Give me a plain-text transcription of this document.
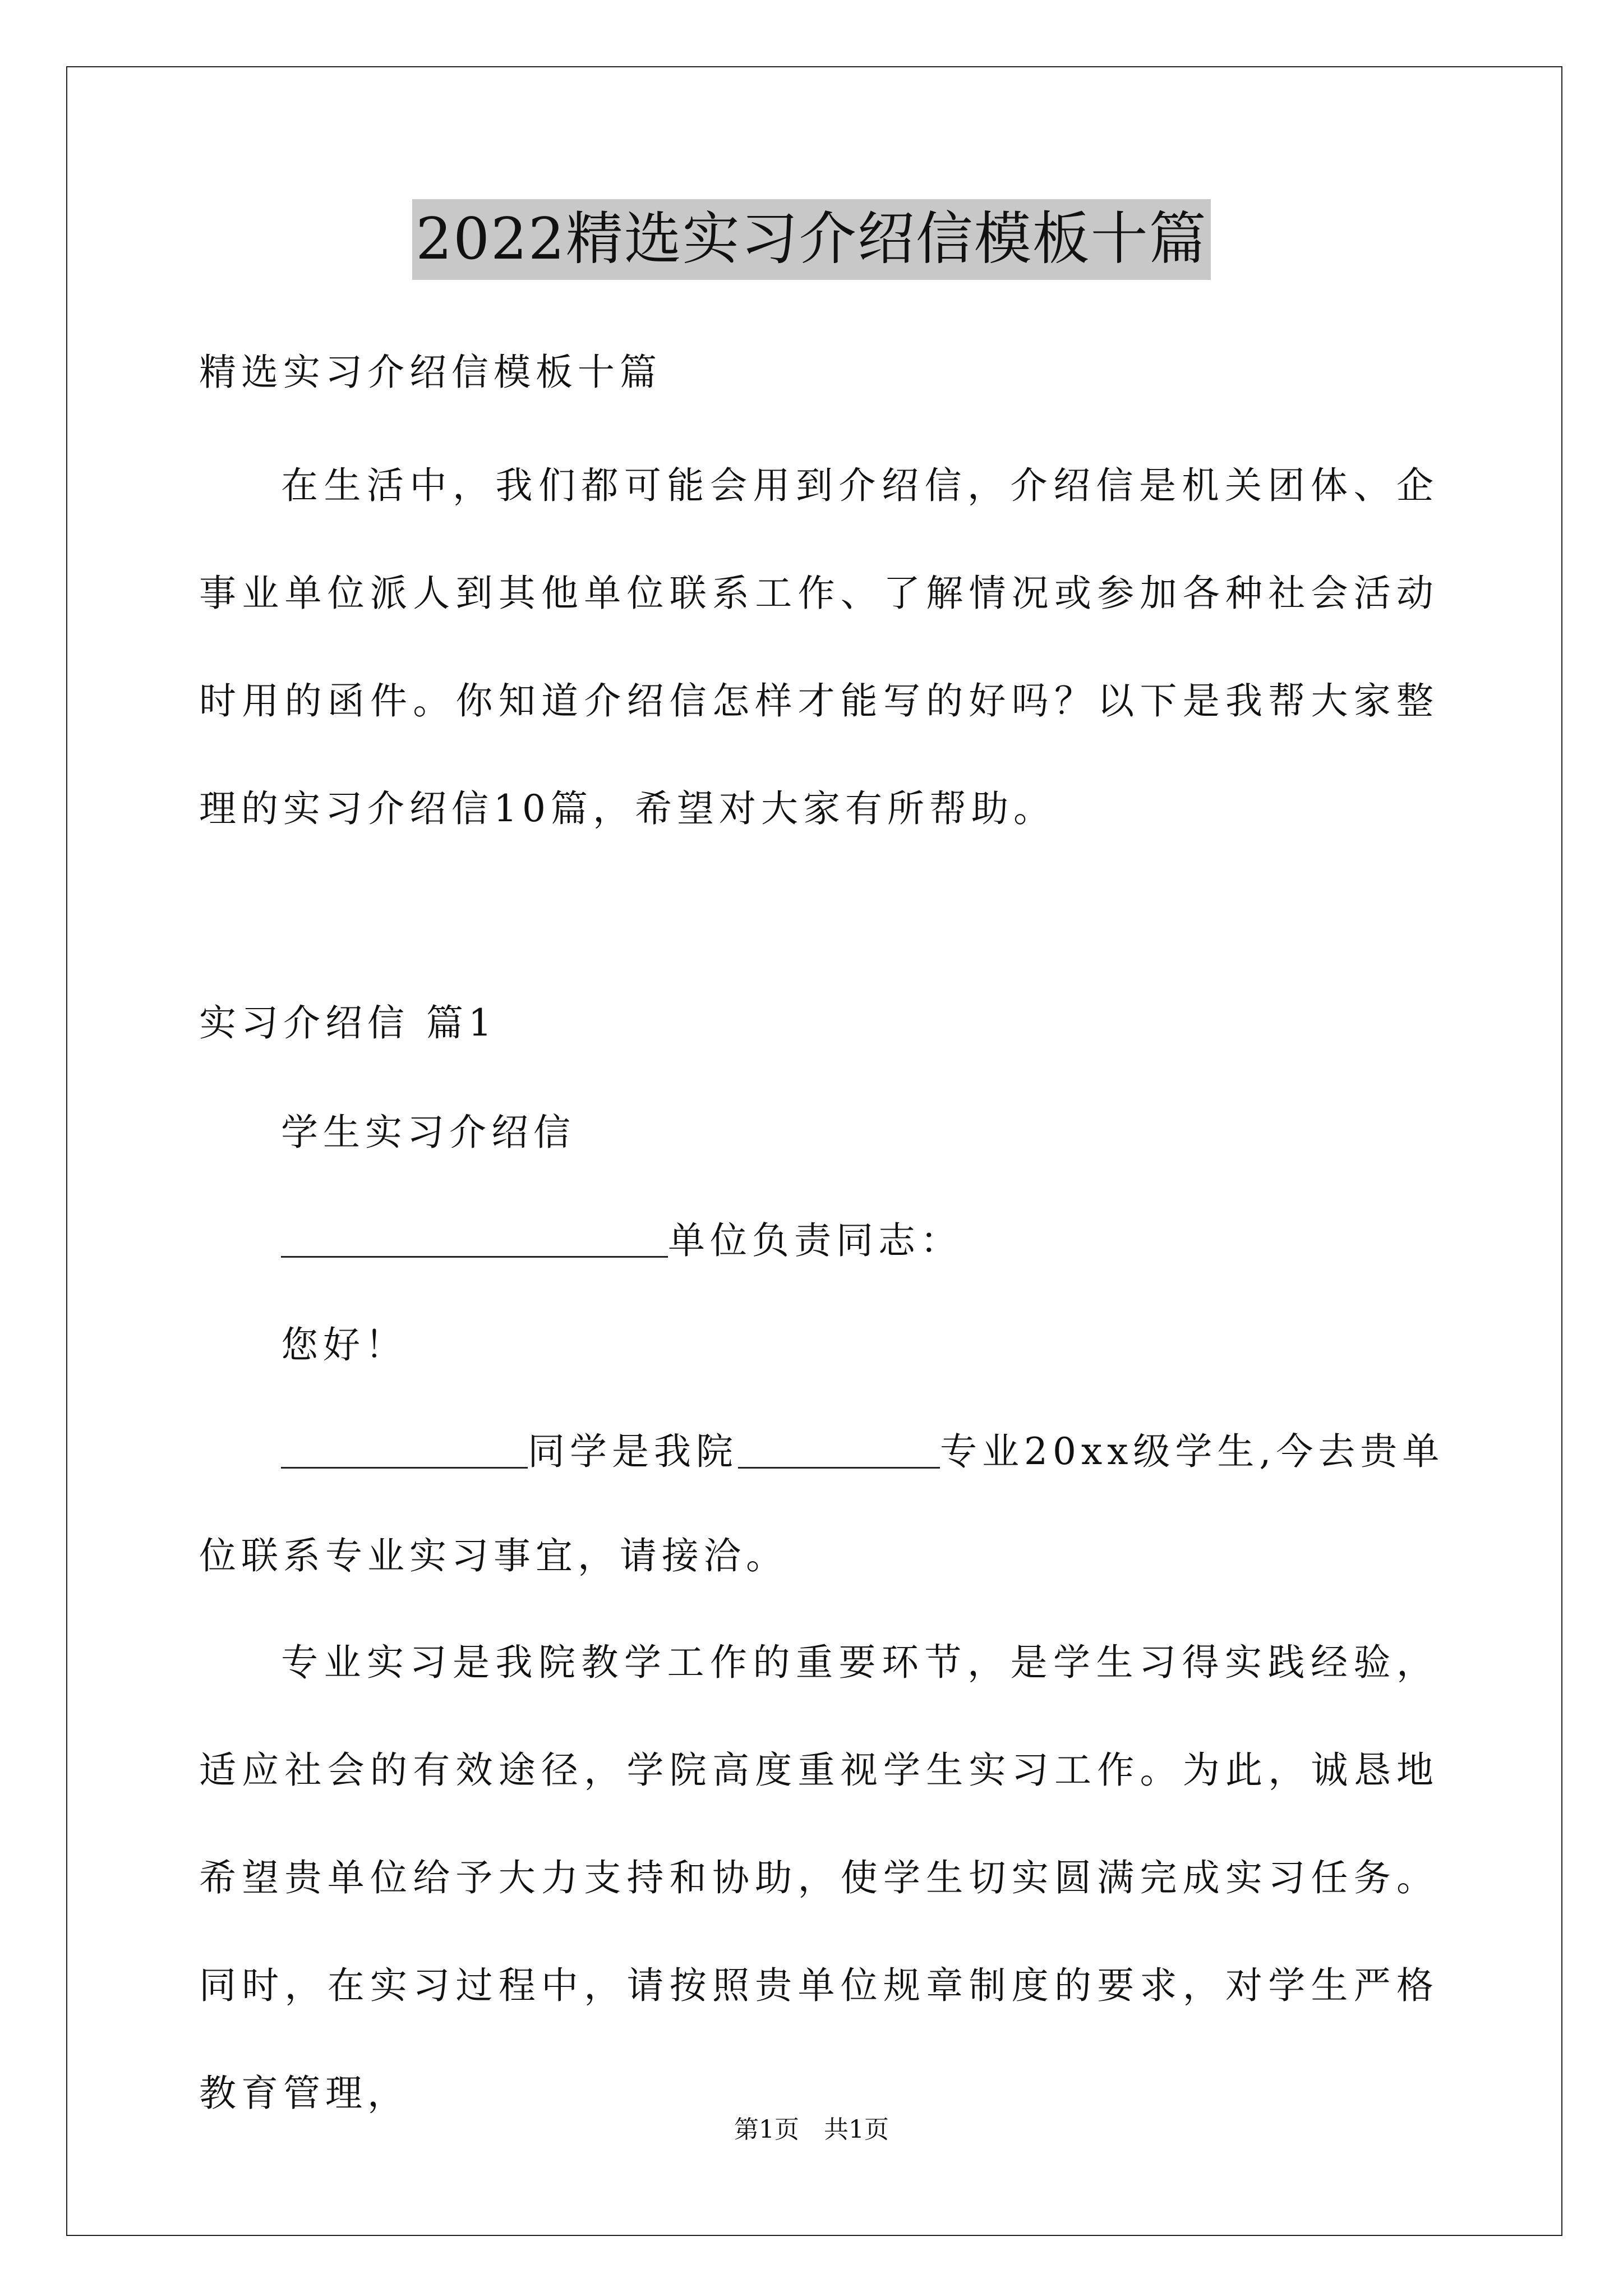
2022精选实习介绍信模板十篇

精选实习介绍信模板十篇

在生活中，我们都可能会用到介绍信，介绍信是机关团体、企事业单位派人到其他单位联系工作、了解情况或参加各种社会活动时用的函件。你知道介绍信怎样才能写的好吗？以下是我帮大家整理的实习介绍信10篇，希望对大家有所帮助。

实习介绍信 篇1

学生实习介绍信

单位负责同志：

您好！

同学是我院	专业20xx级学生,今去贵单

位联系专业实习事宜，请接洽。

专业实习是我院教学工作的重要环节，是学生习得实践经验，适应社会的有效途径，学院高度重视学生实习工作。为此，诚恳地希望贵单位给予大力支持和协助，使学生切实圆满完成实习任务。同时，在实习过程中，请按照贵单位规章制度的要求，对学生严格教育管理，

第1页　共1页
